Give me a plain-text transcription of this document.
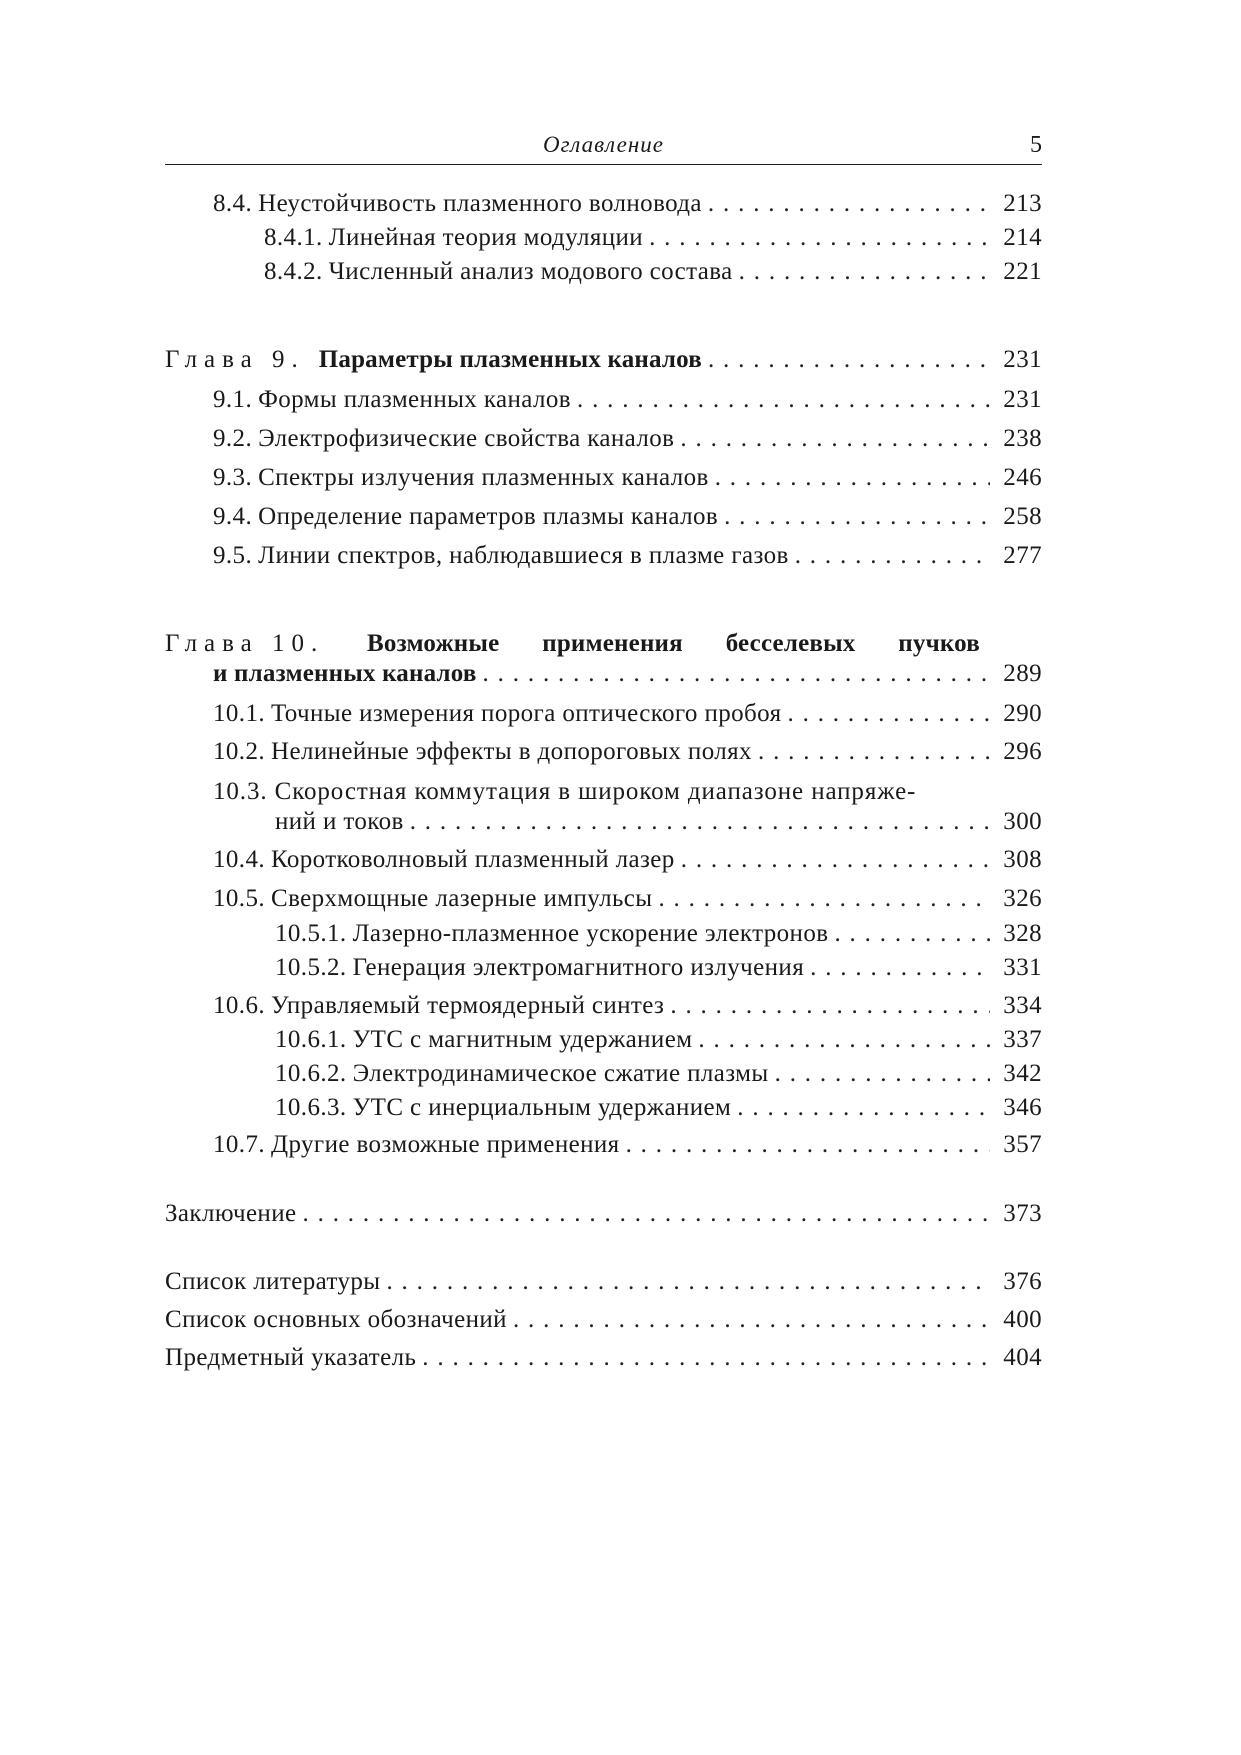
Оглавление	5
8.4. Неустойчивость плазменного волновода . . .	213
8.4.1. Линейная теория модуляции . . .	214
8.4.2. Численный анализ модового состава . . .	221
Глава 9. Параметры плазменных каналов . . .	231
9.1. Формы плазменных каналов . . .	231
9.2. Электрофизические свойства каналов . . .	238
9.3. Спектры излучения плазменных каналов . . .	246
9.4. Определение параметров плазмы каналов . . .	258
9.5. Линии спектров, наблюдавшиеся в плазме газов . . .	277
Глава 10. Возможные применения бесселевых пучков
и плазменных каналов . . .	289
10.1. Точные измерения порога оптического пробоя . . .	290
10.2. Нелинейные эффекты в допороговых полях . . .	296
10.3. Скоростная коммутация в широком диапазоне напряже-
ний и токов . . .	300
10.4. Коротковолновый плазменный лазер . . .	308
10.5. Сверхмощные лазерные импульсы . . .	326
10.5.1. Лазерно-плазменное ускорение электронов . . .	328
10.5.2. Генерация электромагнитного излучения . . .	331
10.6. Управляемый термоядерный синтез . . .	334
10.6.1. УТС с магнитным удержанием . . .	337
10.6.2. Электродинамическое сжатие плазмы . . .	342
10.6.3. УТС с инерциальным удержанием . . .	346
10.7. Другие возможные применения . . .	357
Заключение . . .	373
Список литературы . . .	376
Список основных обозначений . . .	400
Предметный указатель . . .	404
